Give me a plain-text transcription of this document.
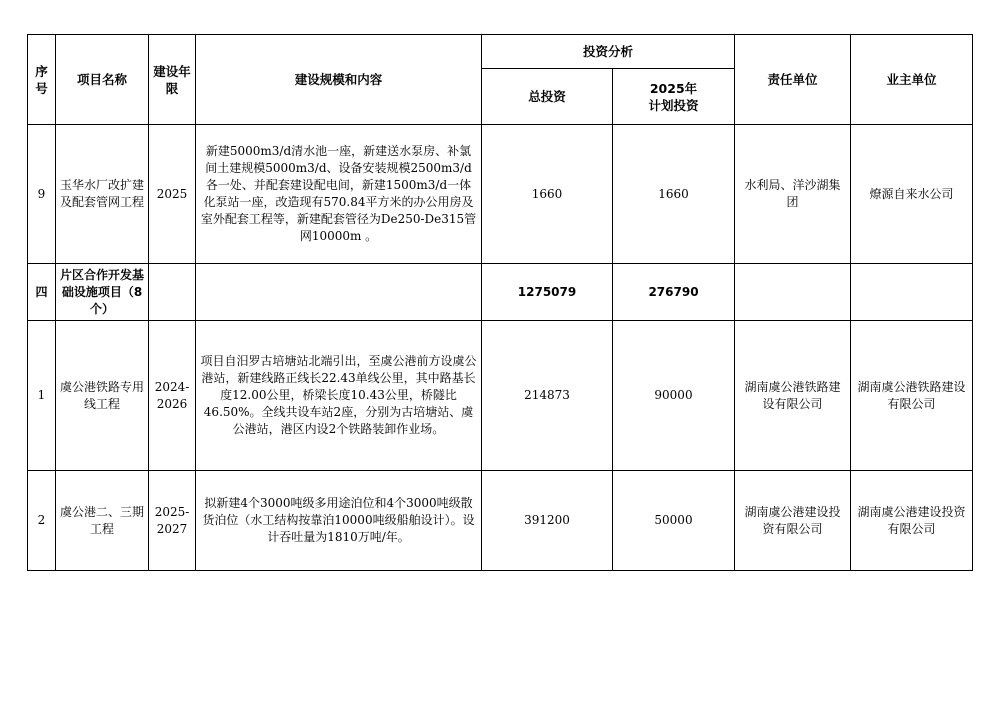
序号	项目名称	建设年限	建设规模和内容	投资分析		责任单位	业主单位
				总投资	2025年
计划投资		

9	玉华水厂改扩建及配套管网工程	2025	新建5000m3/d清水池一座，新建送水泵房、补氯间土建规模5000m3/d、设备安装规模2500m3/d各一处、并配套建设配电间，新建1500m3/d一体化泵站一座，改造现有570.84平方米的办公用房及室外配套工程等，新建配套管径为De250-De315管网10000m 。	1660	1660	水利局、洋沙湖集团	燎源自来水公司
四	片区合作开发基础设施项目（8个）			1275079	276790		
1	虞公港铁路专用线工程	2024-2026	项目自汨罗古培塘站北端引出，至虞公港前方设虞公港站，新建线路正线长22.43单线公里，其中路基长度12.00公里，桥梁长度10.43公里，桥隧比46.50%。全线共设车站2座，分别为古培塘站、虞公港站，港区内设2个铁路装卸作业场。	214873	90000	湖南虞公港铁路建设有限公司	湖南虞公港铁路建设有限公司
2	虞公港二、三期工程	2025-2027	拟新建4个3000吨级多用途泊位和4个3000吨级散货泊位（水工结构按靠泊10000吨级船舶设计）。设计吞吐量为1810万吨/年。	391200	50000	湖南虞公港建设投资有限公司	湖南虞公港建设投资有限公司
